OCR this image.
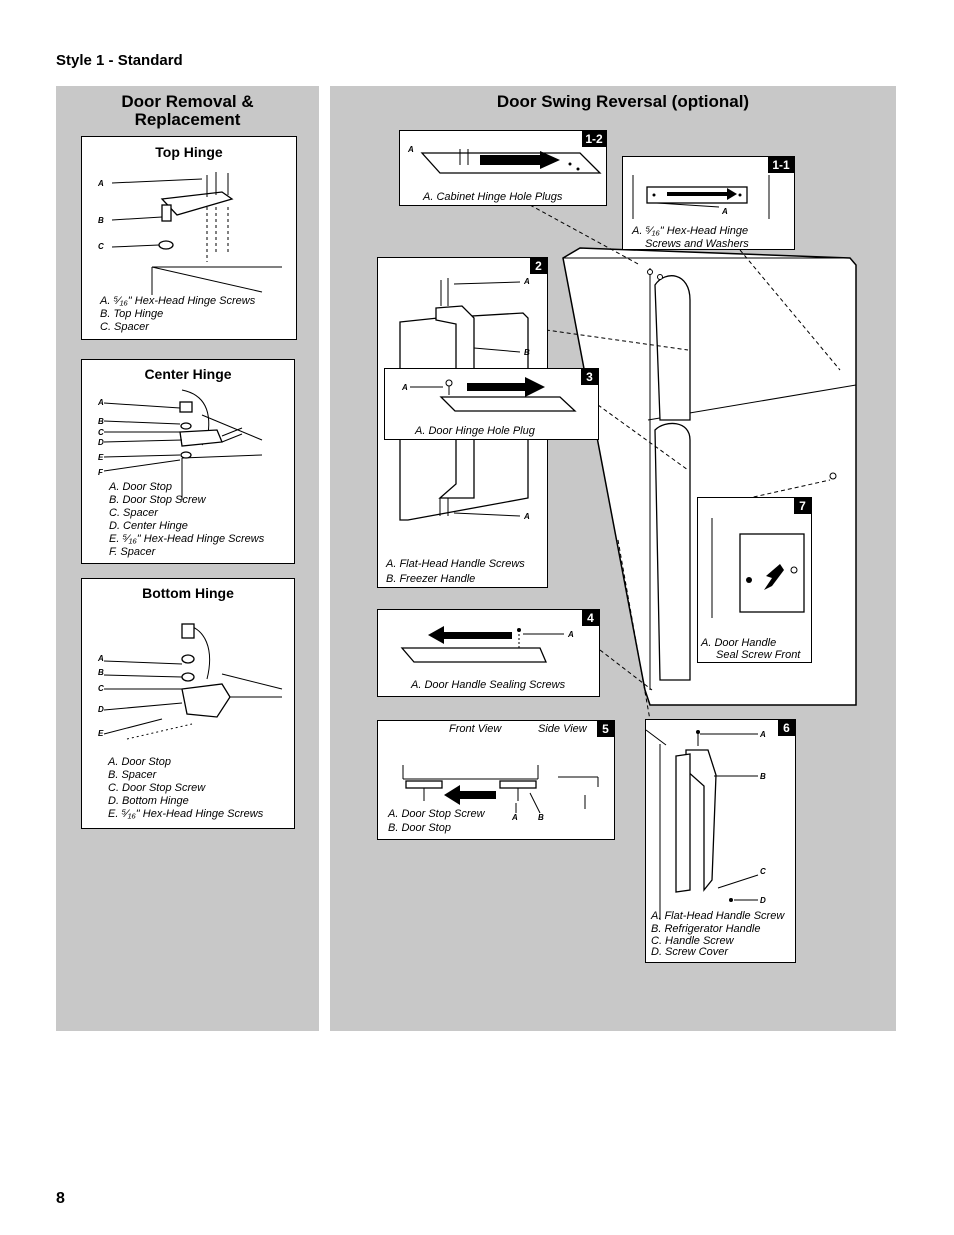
Style 1 - Standard
Door Removal &
Replacement
Top Hinge
A
B
C
A. ⁵⁄₁₆" Hex-Head Hinge Screws
B. Top Hinge
C. Spacer
Center Hinge
A
B
C
D
E
F
A. Door Stop
B. Door Stop Screw
C. Spacer
D. Center Hinge
E. ⁵⁄₁₆" Hex-Head Hinge Screws
F. Spacer
Bottom Hinge
A
B
C
D
E
A. Door Stop
B. Spacer
C. Door Stop Screw
D. Bottom Hinge
E. ⁵⁄₁₆" Hex-Head Hinge Screws
Door Swing Reversal (optional)
1-2
A
A. Cabinet Hinge Hole Plugs
1-1
A
A. ⁵⁄₁₆" Hex-Head Hinge
Screws and Washers
2
A
B
A
A. Flat-Head Handle Screws
B. Freezer Handle
3
A
A. Door Hinge Hole Plug
4
A
A. Door Handle Sealing Screws
5
Front View	Side View
A	B
A. Door Stop Screw
B. Door Stop
6
A
B
C
D
A. Flat-Head Handle Screw
B. Refrigerator Handle
C. Handle Screw
D. Screw Cover
7
A. Door Handle
Seal Screw Front
8
